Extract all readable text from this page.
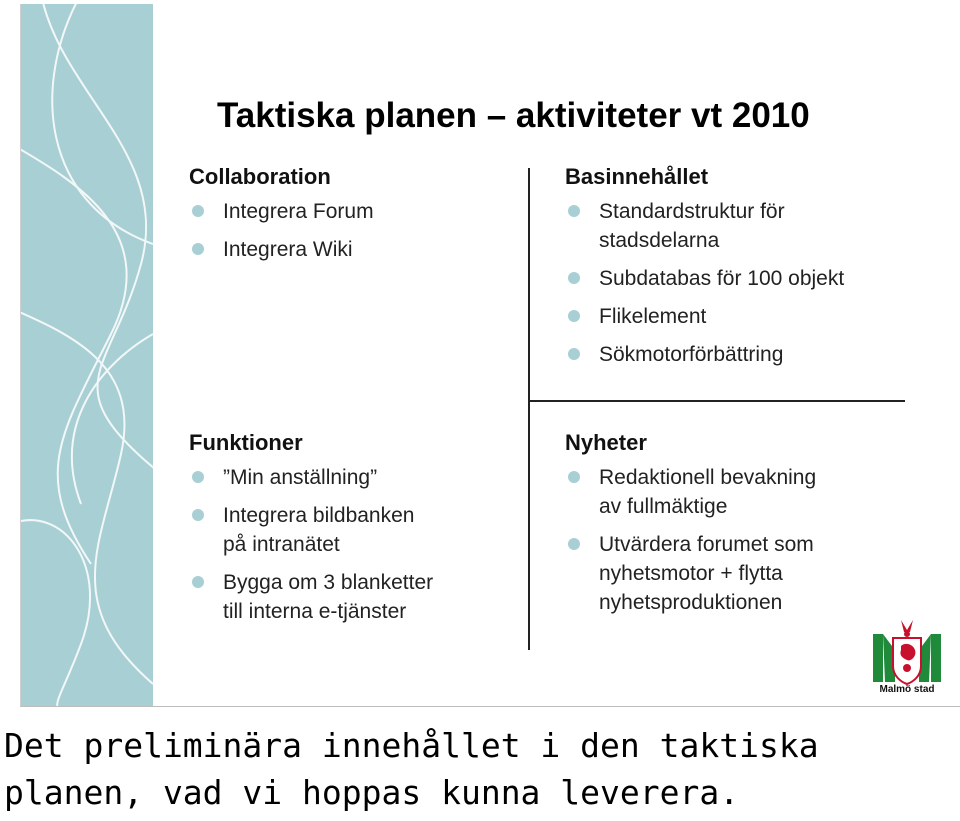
Taktiska planen – aktiviteter vt 2010
Collaboration
Integrera Forum
Integrera Wiki
Basinnehållet
Standardstruktur för
stadsdelarna
Subdatabas för 100 objekt
Flikelement
Sökmotorförbättring
Funktioner
”Min anställning”
Integrera bildbanken
på intranätet
Bygga om 3 blanketter
till interna e-tjänster
Nyheter
Redaktionell bevakning
av fullmäktige
Utvärdera forumet som
nyhetsmotor + flytta
nyhetsproduktionen
Malmö stad

Det preliminära innehållet i den taktiska planen, vad vi hoppas kunna leverera.
